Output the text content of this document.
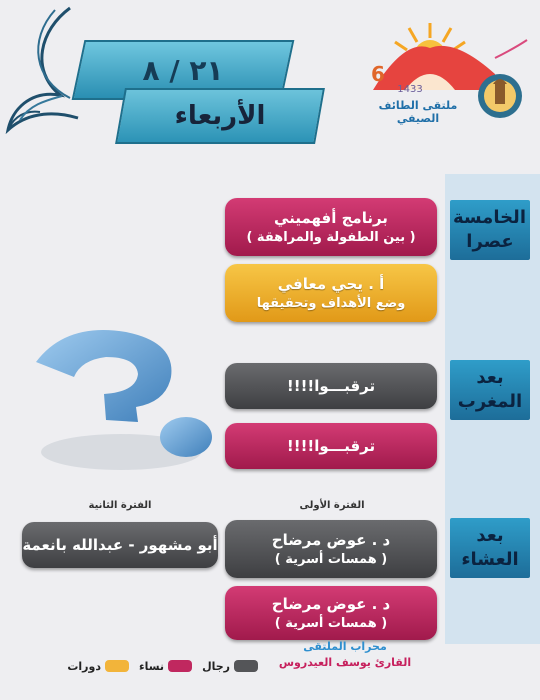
٢١ / ٨
الأربعاء
6
1433
ملتقى الطائف الصيفي
الخامسة عصرا
بعد المغرب
بعد العشاء
برنامج أفهميني
( بين الطفولة والمراهقة )
أ . يحي معافي
وضع الأهداف وتحقيقها
ترقبـــوا!!!!
ترقبـــوا!!!!
الفترة الأولى
الفترة الثانية
د . عوض مرضاح
( همسات أسرية )
د . عوض مرضاح
( همسات أسرية )
أبو مشهور - عبدالله بانعمة
محراب الملتقى
القارئ يوسف العيدروس
رجال
نساء
دورات
